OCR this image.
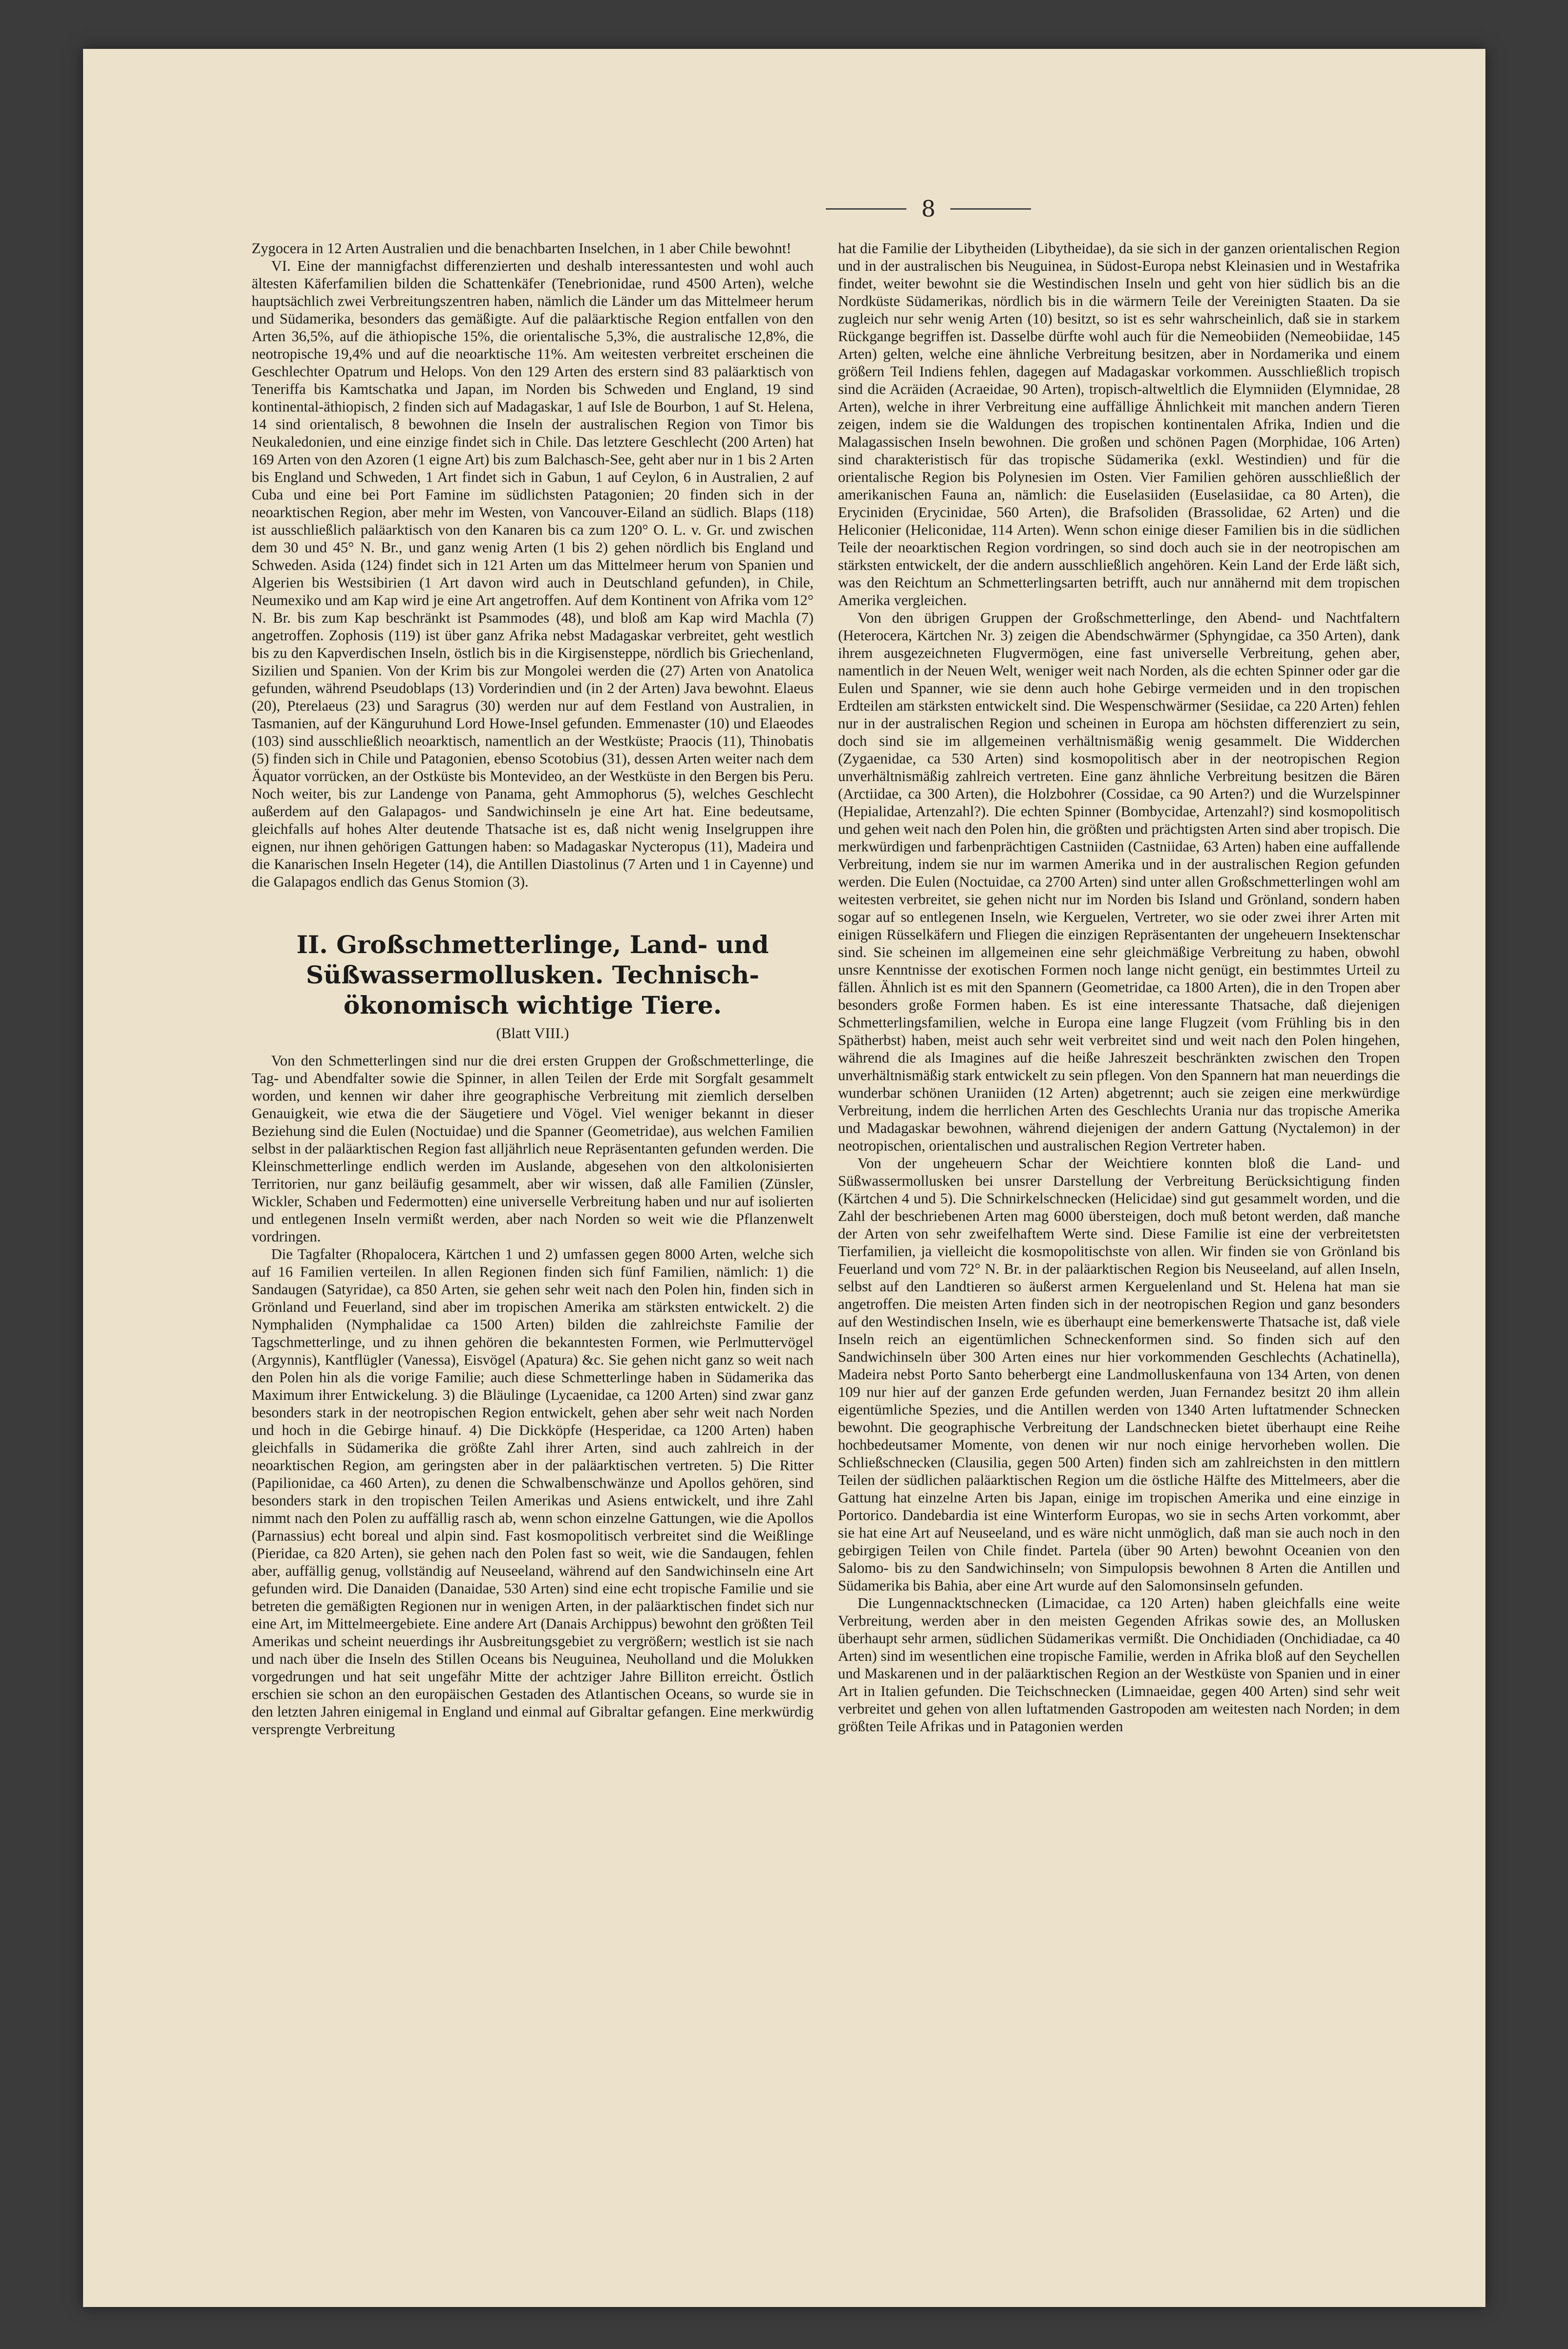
8

Zygocera in 12 Arten Australien und die benachbarten Inselchen, in 1 aber Chile bewohnt!

VI. Eine der mannigfachst differenzierten und deshalb interessantesten und wohl auch ältesten Käferfamilien bilden die Schattenkäfer (Tenebrionidae, rund 4500 Arten), welche hauptsächlich zwei Verbreitungszentren haben, nämlich die Länder um das Mittelmeer herum und Südamerika, besonders das gemäßigte. Auf die paläarktische Region entfallen von den Arten 36,5%, auf die äthiopische 15%, die orientalische 5,3%, die australische 12,8%, die neotropische 19,4% und auf die neoarktische 11%. Am weitesten verbreitet erscheinen die Geschlechter Opatrum und Helops. Von den 129 Arten des erstern sind 83 paläarktisch von Teneriffa bis Kamtschatka und Japan, im Norden bis Schweden und England, 19 sind kontinental-äthiopisch, 2 finden sich auf Madagaskar, 1 auf Isle de Bourbon, 1 auf St. Helena, 14 sind orientalisch, 8 bewohnen die Inseln der australischen Region von Timor bis Neukaledonien, und eine einzige findet sich in Chile. Das letztere Geschlecht (200 Arten) hat 169 Arten von den Azoren (1 eigne Art) bis zum Balchasch-See, geht aber nur in 1 bis 2 Arten bis England und Schweden, 1 Art findet sich in Gabun, 1 auf Ceylon, 6 in Australien, 2 auf Cuba und eine bei Port Famine im südlichsten Patagonien; 20 finden sich in der neoarktischen Region, aber mehr im Westen, von Vancouver-Eiland an südlich. Blaps (118) ist ausschließlich paläarktisch von den Kanaren bis ca zum 120° O. L. v. Gr. und zwischen dem 30 und 45° N. Br., und ganz wenig Arten (1 bis 2) gehen nördlich bis England und Schweden. Asida (124) findet sich in 121 Arten um das Mittelmeer herum von Spanien und Algerien bis Westsibirien (1 Art davon wird auch in Deutschland gefunden), in Chile, Neumexiko und am Kap wird je eine Art angetroffen. Auf dem Kontinent von Afrika vom 12° N. Br. bis zum Kap beschränkt ist Psammodes (48), und bloß am Kap wird Machla (7) angetroffen. Zophosis (119) ist über ganz Afrika nebst Madagaskar verbreitet, geht westlich bis zu den Kapverdischen Inseln, östlich bis in die Kirgisensteppe, nördlich bis Griechenland, Sizilien und Spanien. Von der Krim bis zur Mongolei werden die (27) Arten von Anatolica gefunden, während Pseudoblaps (13) Vorderindien und (in 2 der Arten) Java bewohnt. Elaeus (20), Pterelaeus (23) und Saragrus (30) werden nur auf dem Festland von Australien, in Tasmanien, auf der Känguruhund Lord Howe-Insel gefunden. Emmenaster (10) und Elaeodes (103) sind ausschließlich neoarktisch, namentlich an der Westküste; Praocis (11), Thinobatis (5) finden sich in Chile und Patagonien, ebenso Scotobius (31), dessen Arten weiter nach dem Äquator vorrücken, an der Ostküste bis Montevideo, an der Westküste in den Bergen bis Peru. Noch weiter, bis zur Landenge von Panama, geht Ammophorus (5), welches Geschlecht außerdem auf den Galapagos- und Sandwichinseln je eine Art hat. Eine bedeutsame, gleichfalls auf hohes Alter deutende Thatsache ist es, daß nicht wenig Inselgruppen ihre eignen, nur ihnen gehörigen Gattungen haben: so Madagaskar Nycteropus (11), Madeira und die Kanarischen Inseln Hegeter (14), die Antillen Diastolinus (7 Arten und 1 in Cayenne) und die Galapagos endlich das Genus Stomion (3).

II. Großschmetterlinge, Land- und Süßwassermollusken. Technisch-ökonomisch wichtige Tiere.
(Blatt VIII.)

Von den Schmetterlingen sind nur die drei ersten Gruppen der Großschmetterlinge, die Tag- und Abendfalter sowie die Spinner, in allen Teilen der Erde mit Sorgfalt gesammelt worden, und kennen wir daher ihre geographische Verbreitung mit ziemlich derselben Genauigkeit, wie etwa die der Säugetiere und Vögel. Viel weniger bekannt in dieser Beziehung sind die Eulen (Noctuidae) und die Spanner (Geometridae), aus welchen Familien selbst in der paläarktischen Region fast alljährlich neue Repräsentanten gefunden werden. Die Kleinschmetterlinge endlich werden im Auslande, abgesehen von den altkolonisierten Territorien, nur ganz beiläufig gesammelt, aber wir wissen, daß alle Familien (Zünsler, Wickler, Schaben und Federmotten) eine universelle Verbreitung haben und nur auf isolierten und entlegenen Inseln vermißt werden, aber nach Norden so weit wie die Pflanzenwelt vordringen.

Die Tagfalter (Rhopalocera, Kärtchen 1 und 2) umfassen gegen 8000 Arten, welche sich auf 16 Familien verteilen. In allen Regionen finden sich fünf Familien, nämlich: 1) die Sandaugen (Satyridae), ca 850 Arten, sie gehen sehr weit nach den Polen hin, finden sich in Grönland und Feuerland, sind aber im tropischen Amerika am stärksten entwickelt. 2) die Nymphaliden (Nymphalidae ca 1500 Arten) bilden die zahlreichste Familie der Tagschmetterlinge, und zu ihnen gehören die bekanntesten Formen, wie Perlmuttervögel (Argynnis), Kantflügler (Vanessa), Eisvögel (Apatura) &c. Sie gehen nicht ganz so weit nach den Polen hin als die vorige Familie; auch diese Schmetterlinge haben in Südamerika das Maximum ihrer Entwickelung. 3) die Bläulinge (Lycaenidae, ca 1200 Arten) sind zwar ganz besonders stark in der neotropischen Region entwickelt, gehen aber sehr weit nach Norden und hoch in die Gebirge hinauf. 4) Die Dickköpfe (Hesperidae, ca 1200 Arten) haben gleichfalls in Südamerika die größte Zahl ihrer Arten, sind auch zahlreich in der neoarktischen Region, am geringsten aber in der paläarktischen vertreten. 5) Die Ritter (Papilionidae, ca 460 Arten), zu denen die Schwalbenschwänze und Apollos gehören, sind besonders stark in den tropischen Teilen Amerikas und Asiens entwickelt, und ihre Zahl nimmt nach den Polen zu auffällig rasch ab, wenn schon einzelne Gattungen, wie die Apollos (Parnassius) echt boreal und alpin sind. Fast kosmopolitisch verbreitet sind die Weißlinge (Pieridae, ca 820 Arten), sie gehen nach den Polen fast so weit, wie die Sandaugen, fehlen aber, auffällig genug, vollständig auf Neuseeland, während auf den Sandwichinseln eine Art gefunden wird. Die Danaiden (Danaidae, 530 Arten) sind eine echt tropische Familie und sie betreten die gemäßigten Regionen nur in wenigen Arten, in der paläarktischen findet sich nur eine Art, im Mittelmeergebiete. Eine andere Art (Danais Archippus) bewohnt den größten Teil Amerikas und scheint neuerdings ihr Ausbreitungsgebiet zu vergrößern; westlich ist sie nach und nach über die Inseln des Stillen Oceans bis Neuguinea, Neuholland und die Molukken vorgedrungen und hat seit ungefähr Mitte der achtziger Jahre Billiton erreicht. Östlich erschien sie schon an den europäischen Gestaden des Atlantischen Oceans, so wurde sie in den letzten Jahren einigemal in England und einmal auf Gibraltar gefangen. Eine merkwürdig versprengte Verbreitung

hat die Familie der Libytheiden (Libytheidae), da sie sich in der ganzen orientalischen Region und in der australischen bis Neuguinea, in Südost-Europa nebst Kleinasien und in Westafrika findet, weiter bewohnt sie die Westindischen Inseln und geht von hier südlich bis an die Nordküste Südamerikas, nördlich bis in die wärmern Teile der Vereinigten Staaten. Da sie zugleich nur sehr wenig Arten (10) besitzt, so ist es sehr wahrscheinlich, daß sie in starkem Rückgange begriffen ist. Dasselbe dürfte wohl auch für die Nemeobiiden (Nemeobiidae, 145 Arten) gelten, welche eine ähnliche Verbreitung besitzen, aber in Nordamerika und einem größern Teil Indiens fehlen, dagegen auf Madagaskar vorkommen. Ausschließlich tropisch sind die Acräiden (Acraeidae, 90 Arten), tropisch-altweltlich die Elymniiden (Elymnidae, 28 Arten), welche in ihrer Verbreitung eine auffällige Ähnlichkeit mit manchen andern Tieren zeigen, indem sie die Waldungen des tropischen kontinentalen Afrika, Indien und die Malagassischen Inseln bewohnen. Die großen und schönen Pagen (Morphidae, 106 Arten) sind charakteristisch für das tropische Südamerika (exkl. Westindien) und für die orientalische Region bis Polynesien im Osten. Vier Familien gehören ausschließlich der amerikanischen Fauna an, nämlich: die Euselasiiden (Euselasiidae, ca 80 Arten), die Eryciniden (Erycinidae, 560 Arten), die Brafsoliden (Brassolidae, 62 Arten) und die Heliconier (Heliconidae, 114 Arten). Wenn schon einige dieser Familien bis in die südlichen Teile der neoarktischen Region vordringen, so sind doch auch sie in der neotropischen am stärksten entwickelt, der die andern ausschließlich angehören. Kein Land der Erde läßt sich, was den Reichtum an Schmetterlingsarten betrifft, auch nur annähernd mit dem tropischen Amerika vergleichen.

Von den übrigen Gruppen der Großschmetterlinge, den Abend- und Nachtfaltern (Heterocera, Kärtchen Nr. 3) zeigen die Abendschwärmer (Sphyngidae, ca 350 Arten), dank ihrem ausgezeichneten Flugvermögen, eine fast universelle Verbreitung, gehen aber, namentlich in der Neuen Welt, weniger weit nach Norden, als die echten Spinner oder gar die Eulen und Spanner, wie sie denn auch hohe Gebirge vermeiden und in den tropischen Erdteilen am stärksten entwickelt sind. Die Wespenschwärmer (Sesiidae, ca 220 Arten) fehlen nur in der australischen Region und scheinen in Europa am höchsten differenziert zu sein, doch sind sie im allgemeinen verhältnismäßig wenig gesammelt. Die Widderchen (Zygaenidae, ca 530 Arten) sind kosmopolitisch aber in der neotropischen Region unverhältnismäßig zahlreich vertreten. Eine ganz ähnliche Verbreitung besitzen die Bären (Arctiidae, ca 300 Arten), die Holzbohrer (Cossidae, ca 90 Arten?) und die Wurzelspinner (Hepialidae, Artenzahl?). Die echten Spinner (Bombycidae, Artenzahl?) sind kosmopolitisch und gehen weit nach den Polen hin, die größten und prächtigsten Arten sind aber tropisch. Die merkwürdigen und farbenprächtigen Castniiden (Castniidae, 63 Arten) haben eine auffallende Verbreitung, indem sie nur im warmen Amerika und in der australischen Region gefunden werden. Die Eulen (Noctuidae, ca 2700 Arten) sind unter allen Großschmetterlingen wohl am weitesten verbreitet, sie gehen nicht nur im Norden bis Island und Grönland, sondern haben sogar auf so entlegenen Inseln, wie Kerguelen, Vertreter, wo sie oder zwei ihrer Arten mit einigen Rüsselkäfern und Fliegen die einzigen Repräsentanten der ungeheuern Insektenschar sind. Sie scheinen im allgemeinen eine sehr gleichmäßige Verbreitung zu haben, obwohl unsre Kenntnisse der exotischen Formen noch lange nicht genügt, ein bestimmtes Urteil zu fällen. Ähnlich ist es mit den Spannern (Geometridae, ca 1800 Arten), die in den Tropen aber besonders große Formen haben. Es ist eine interessante Thatsache, daß diejenigen Schmetterlingsfamilien, welche in Europa eine lange Flugzeit (vom Frühling bis in den Spätherbst) haben, meist auch sehr weit verbreitet sind und weit nach den Polen hingehen, während die als Imagines auf die heiße Jahreszeit beschränkten zwischen den Tropen unverhältnismäßig stark entwickelt zu sein pflegen. Von den Spannern hat man neuerdings die wunderbar schönen Uraniiden (12 Arten) abgetrennt; auch sie zeigen eine merkwürdige Verbreitung, indem die herrlichen Arten des Geschlechts Urania nur das tropische Amerika und Madagaskar bewohnen, während diejenigen der andern Gattung (Nyctalemon) in der neotropischen, orientalischen und australischen Region Vertreter haben.

Von der ungeheuern Schar der Weichtiere konnten bloß die Land- und Süßwassermollusken bei unsrer Darstellung der Verbreitung Berücksichtigung finden (Kärtchen 4 und 5). Die Schnirkelschnecken (Helicidae) sind gut gesammelt worden, und die Zahl der beschriebenen Arten mag 6000 übersteigen, doch muß betont werden, daß manche der Arten von sehr zweifelhaftem Werte sind. Diese Familie ist eine der verbreitetsten Tierfamilien, ja vielleicht die kosmopolitischste von allen. Wir finden sie von Grönland bis Feuerland und vom 72° N. Br. in der paläarktischen Region bis Neuseeland, auf allen Inseln, selbst auf den Landtieren so äußerst armen Kerguelenland und St. Helena hat man sie angetroffen. Die meisten Arten finden sich in der neotropischen Region und ganz besonders auf den Westindischen Inseln, wie es überhaupt eine bemerkenswerte Thatsache ist, daß viele Inseln reich an eigentümlichen Schneckenformen sind. So finden sich auf den Sandwichinseln über 300 Arten eines nur hier vorkommenden Geschlechts (Achatinella), Madeira nebst Porto Santo beherbergt eine Landmolluskenfauna von 134 Arten, von denen 109 nur hier auf der ganzen Erde gefunden werden, Juan Fernandez besitzt 20 ihm allein eigentümliche Spezies, und die Antillen werden von 1340 Arten luftatmender Schnecken bewohnt. Die geographische Verbreitung der Landschnecken bietet überhaupt eine Reihe hochbedeutsamer Momente, von denen wir nur noch einige hervorheben wollen. Die Schließschnecken (Clausilia, gegen 500 Arten) finden sich am zahlreichsten in den mittlern Teilen der südlichen paläarktischen Region um die östliche Hälfte des Mittelmeers, aber die Gattung hat einzelne Arten bis Japan, einige im tropischen Amerika und eine einzige in Portorico. Dandebardia ist eine Winterform Europas, wo sie in sechs Arten vorkommt, aber sie hat eine Art auf Neuseeland, und es wäre nicht unmöglich, daß man sie auch noch in den gebirgigen Teilen von Chile findet. Partela (über 90 Arten) bewohnt Oceanien von den Salomo- bis zu den Sandwichinseln; von Simpulopsis bewohnen 8 Arten die Antillen und Südamerika bis Bahia, aber eine Art wurde auf den Salomonsinseln gefunden.

Die Lungennacktschnecken (Limacidae, ca 120 Arten) haben gleichfalls eine weite Verbreitung, werden aber in den meisten Gegenden Afrikas sowie des, an Mollusken überhaupt sehr armen, südlichen Südamerikas vermißt. Die Onchidiaden (Onchidiadae, ca 40 Arten) sind im wesentlichen eine tropische Familie, werden in Afrika bloß auf den Seychellen und Maskarenen und in der paläarktischen Region an der Westküste von Spanien und in einer Art in Italien gefunden. Die Teichschnecken (Limnaeidae, gegen 400 Arten) sind sehr weit verbreitet und gehen von allen luftatmenden Gastropoden am weitesten nach Norden; in dem größten Teile Afrikas und in Patagonien werden
